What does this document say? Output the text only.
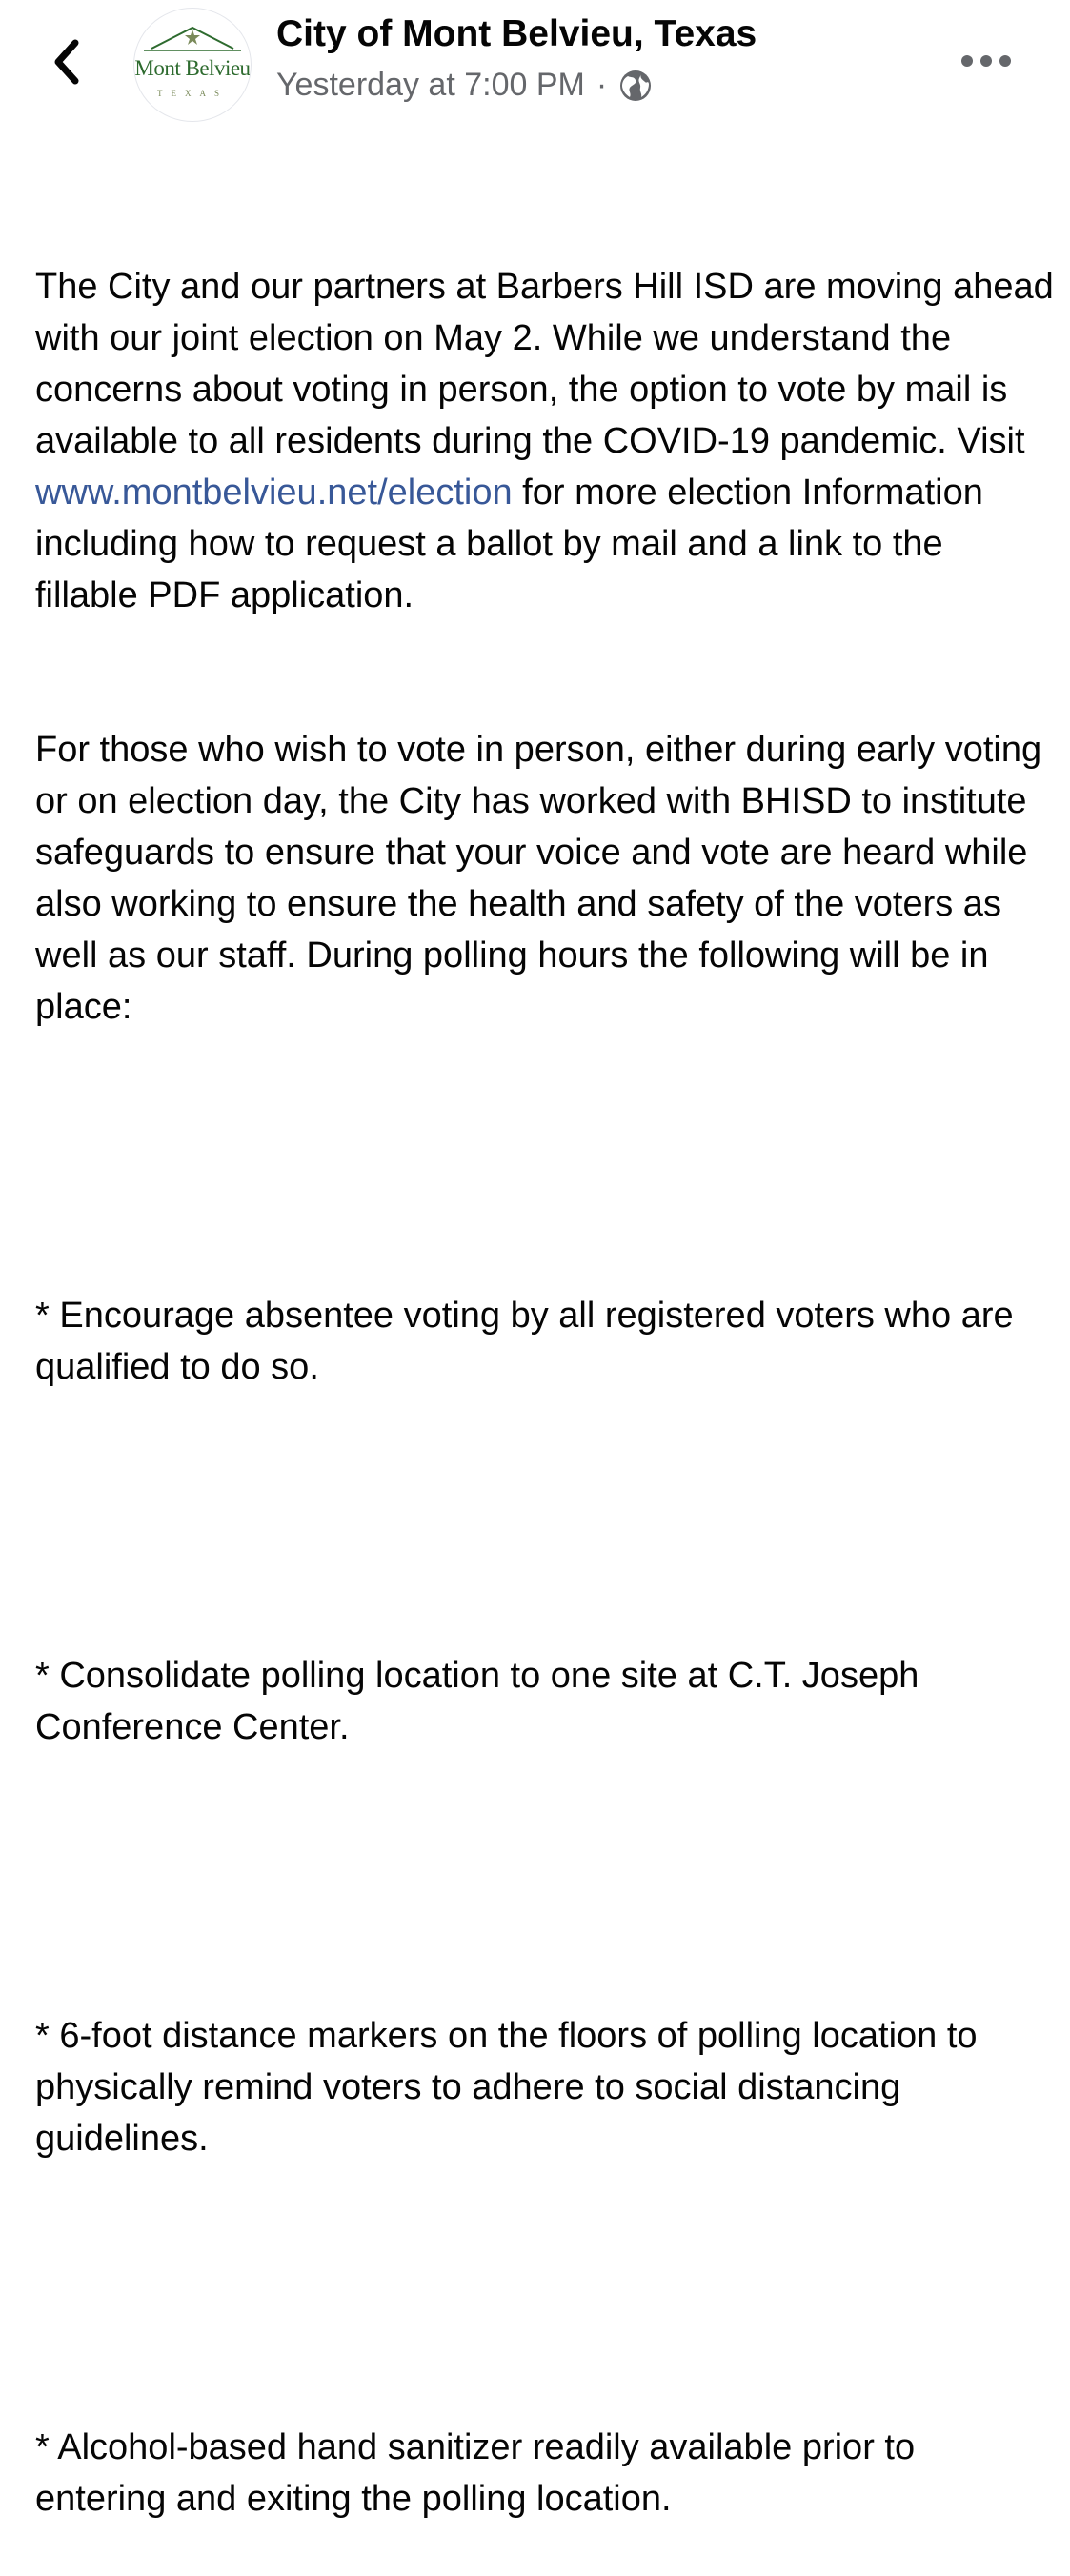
Mont Belvieu
TEXAS
City of Mont Belvieu, Texas
Yesterday at 7:00 PM ·

The City and our partners at Barbers Hill ISD are moving ahead with our joint election on May 2. While we understand the concerns about voting in person, the option to vote by mail is available to all residents during the COVID-19 pandemic. Visit
www.montbelvieu.net/election for more election Information including how to request a ballot by mail and a link to the fillable PDF application.

For those who wish to vote in person, either during early voting or on election day, the City has worked with BHISD to institute safeguards to ensure that your voice and vote are heard while also working to ensure the health and safety of the voters as well as our staff. During polling hours the following will be in place:

* Encourage absentee voting by all registered voters who are qualified to do so.

* Consolidate polling location to one site at C.T. Joseph Conference Center.

* 6-foot distance markers on the floors of polling location to physically remind voters to adhere to social distancing guidelines.

* Alcohol-based hand sanitizer readily available prior to entering and exiting the polling location.
